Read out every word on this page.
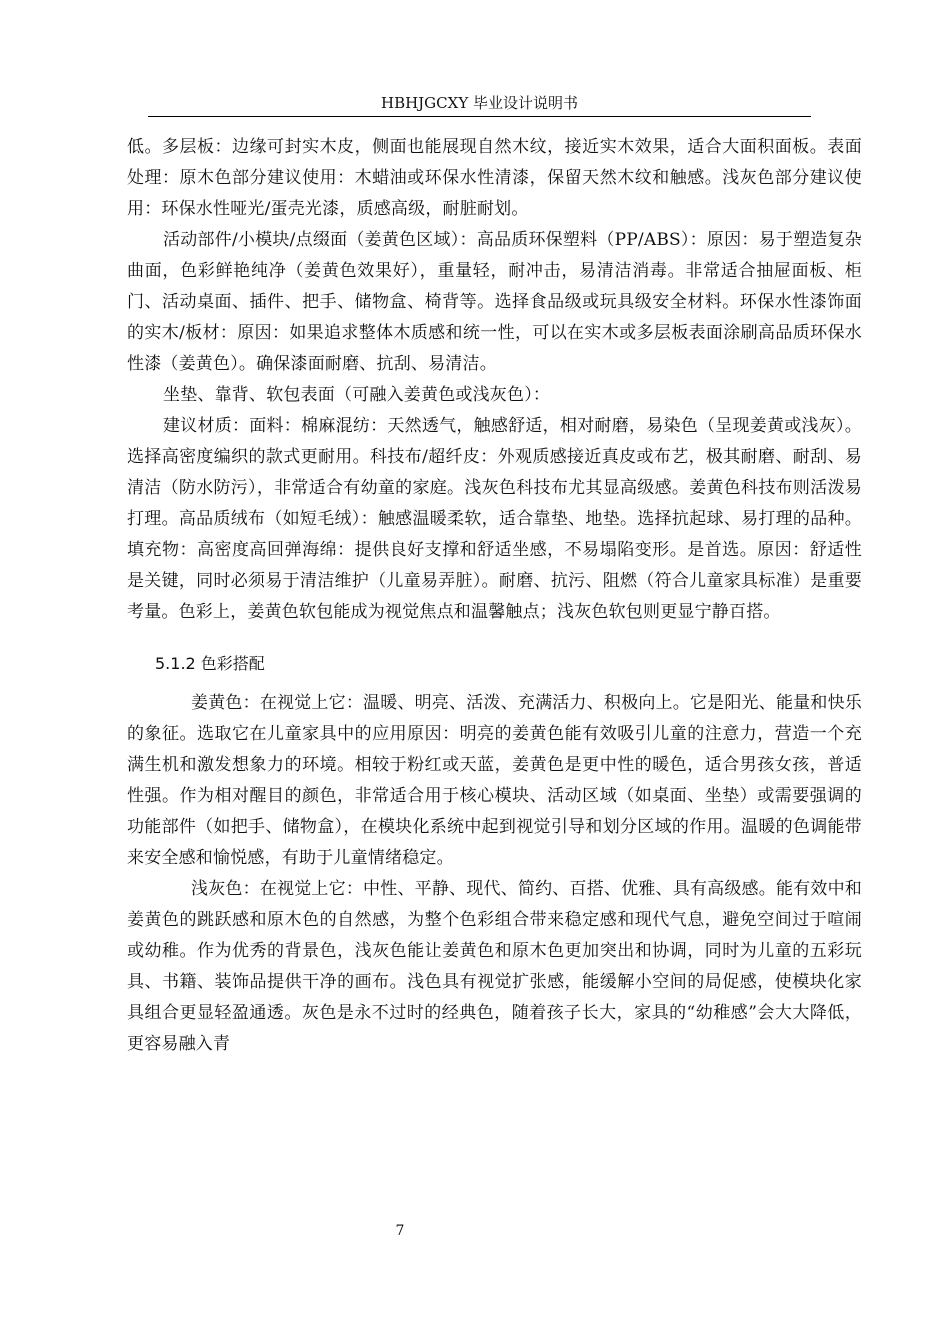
HBHJGCXY 毕业设计说明书

低。多层板：边缘可封实木皮，侧面也能展现自然木纹，接近实木效果，适合大面积面板。表面处理：原木色部分建议使用：木蜡油或环保水性清漆，保留天然木纹和触感。浅灰色部分建议使用：环保水性哑光/蛋壳光漆，质感高级，耐脏耐划。

活动部件/小模块/点缀面（姜黄色区域）：高品质环保塑料（PP/ABS）：原因：易于塑造复杂曲面，色彩鲜艳纯净（姜黄色效果好），重量轻，耐冲击，易清洁消毒。非常适合抽屉面板、柜门、活动桌面、插件、把手、储物盒、椅背等。选择食品级或玩具级安全材料。环保水性漆饰面的实木/板材：原因：如果追求整体木质感和统一性，可以在实木或多层板表面涂刷高品质环保水性漆（姜黄色）。确保漆面耐磨、抗刮、易清洁。

坐垫、靠背、软包表面（可融入姜黄色或浅灰色）：

建议材质：面料：棉麻混纺：天然透气，触感舒适，相对耐磨，易染色（呈现姜黄或浅灰）。选择高密度编织的款式更耐用。科技布/超纤皮：外观质感接近真皮或布艺，极其耐磨、耐刮、易清洁（防水防污），非常适合有幼童的家庭。浅灰色科技布尤其显高级感。姜黄色科技布则活泼易打理。高品质绒布（如短毛绒）：触感温暖柔软，适合靠垫、地垫。选择抗起球、易打理的品种。填充物：高密度高回弹海绵：提供良好支撑和舒适坐感，不易塌陷变形。是首选。原因：舒适性是关键，同时必须易于清洁维护（儿童易弄脏）。耐磨、抗污、阻燃（符合儿童家具标准）是重要考量。色彩上，姜黄色软包能成为视觉焦点和温馨触点；浅灰色软包则更显宁静百搭。

5.1.2 色彩搭配

姜黄色：在视觉上它：温暖、明亮、活泼、充满活力、积极向上。它是阳光、能量和快乐的象征。选取它在儿童家具中的应用原因：明亮的姜黄色能有效吸引儿童的注意力，营造一个充满生机和激发想象力的环境。相较于粉红或天蓝，姜黄色是更中性的暖色，适合男孩女孩，普适性强。作为相对醒目的颜色，非常适合用于核心模块、活动区域（如桌面、坐垫）或需要强调的功能部件（如把手、储物盒），在模块化系统中起到视觉引导和划分区域的作用。温暖的色调能带来安全感和愉悦感，有助于儿童情绪稳定。

浅灰色：在视觉上它：中性、平静、现代、简约、百搭、优雅、具有高级感。能有效中和姜黄色的跳跃感和原木色的自然感，为整个色彩组合带来稳定感和现代气息，避免空间过于喧闹或幼稚。作为优秀的背景色，浅灰色能让姜黄色和原木色更加突出和协调，同时为儿童的五彩玩具、书籍、装饰品提供干净的画布。浅色具有视觉扩张感，能缓解小空间的局促感，使模块化家具组合更显轻盈通透。灰色是永不过时的经典色，随着孩子长大，家具的“幼稚感”会大大降低，更容易融入青

7
